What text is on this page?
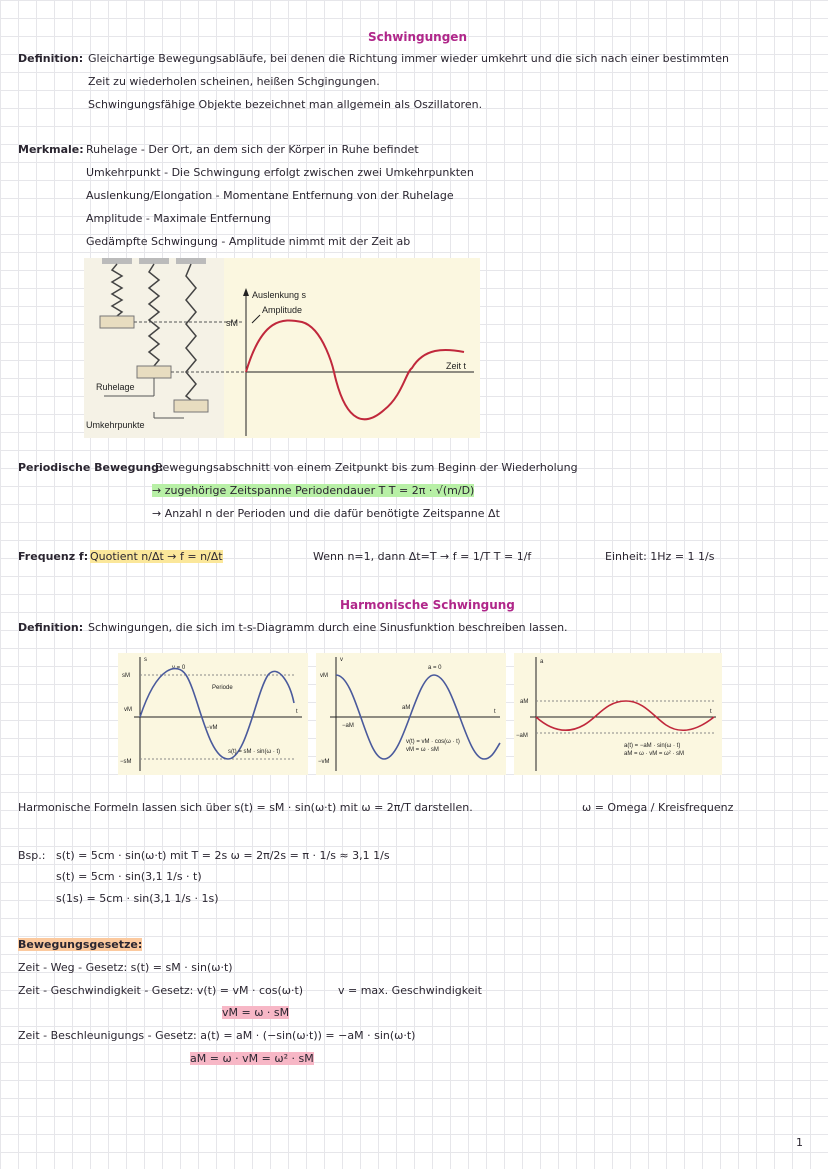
Schwingungen
Definition: Gleichartige Bewegungsabläufe, bei denen die Richtung immer wieder umkehrt und die sich nach einer bestimmten
Zeit zu wiederholen scheinen, heißen Schgingungen.
Schwingungsfähige Objekte bezeichnet man allgemein als Oszillatoren.
Merkmale: Ruhelage - Der Ort, an dem sich der Körper in Ruhe befindet
Umkehrpunkt - Die Schwingung erfolgt zwischen zwei Umkehrpunkten
Auslenkung/Elongation - Momentane Entfernung von der Ruhelage
Amplitude - Maximale Entfernung
Gedämpfte Schwingung - Amplitude nimmt mit der Zeit ab
Ruhelage
Umkehrpunkte
Auslenkung s
Amplitude
sM
Zeit t
Periodische Bewegung:
Bewegungsabschnitt von einem Zeitpunkt bis zum Beginn der Wiederholung
→ zugehörige Zeitspanne Periodendauer T T = 2π · √(m/D)
→ Anzahl n der Perioden und die dafür benötigte Zeitspanne Δt
Frequenz f: Quotient n/Δt → f = n/Δt	Wenn n=1, dann Δt=T → f = 1/T T = 1/f	Einheit: 1Hz = 1 1/s
Harmonische Schwingung
Definition: Schwingungen, die sich im t-s-Diagramm durch eine Sinusfunktion beschreiben lassen.
s
t
sM
−sM
vM
v = 0
Periode
−vM
s(t) = sM · sin(ω · t)
v
t
vM
−vM
a = 0
aM
−aM
v(t) = vM · cos(ω · t)
vM = ω · sM
a
t
aM
−aM
a(t) = −aM · sin(ω · t)
aM = ω · vM = ω² · sM
Harmonische Formeln lassen sich über s(t) = sM · sin(ω·t) mit ω = 2π/T darstellen.	ω = Omega / Kreisfrequenz
Bsp.: s(t) = 5cm · sin(ω·t) mit T = 2s ω = 2π/2s = π · 1/s ≈ 3,1 1/s
s(t) = 5cm · sin(3,1 1/s · t)
s(1s) = 5cm · sin(3,1 1/s · 1s)
Bewegungsgesetze:
Zeit - Weg - Gesetz: s(t) = sM · sin(ω·t)
Zeit - Geschwindigkeit - Gesetz: v(t) = vM · cos(ω·t)	v = max. Geschwindigkeit
vM = ω · sM
Zeit - Beschleunigungs - Gesetz: a(t) = aM · (−sin(ω·t)) = −aM · sin(ω·t)
aM = ω · vM = ω² · sM
1
